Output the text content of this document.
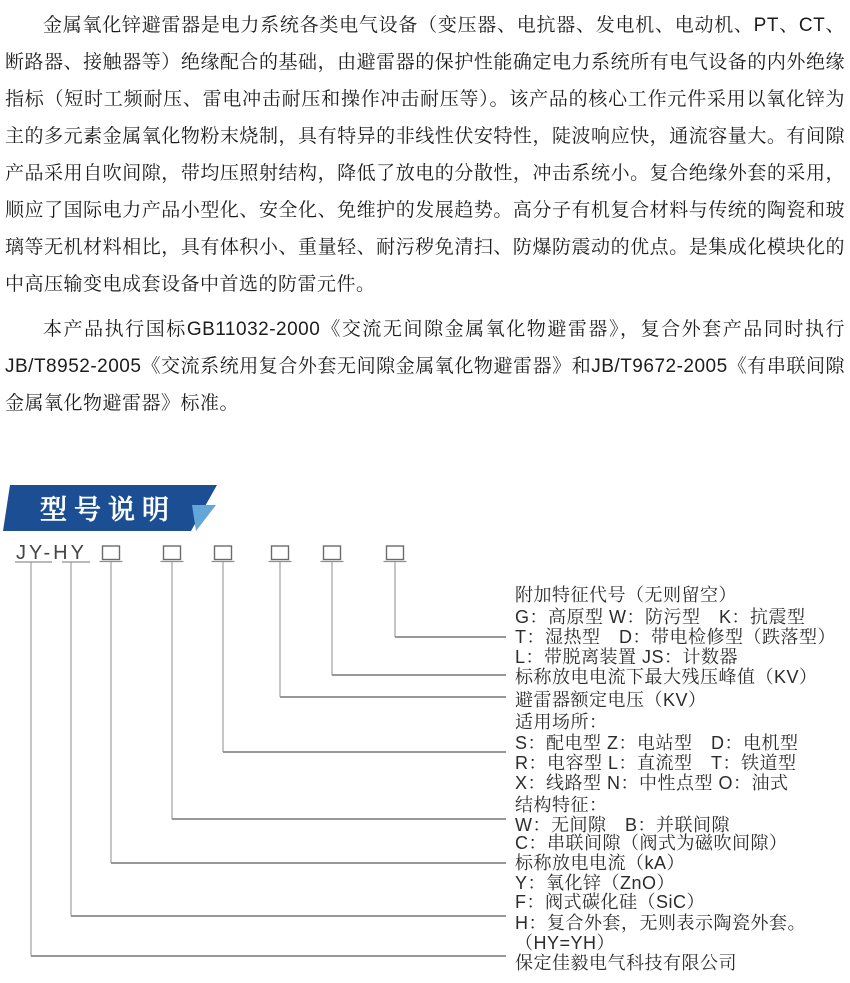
金属氧化锌避雷器是电力系统各类电气设备（变压器、电抗器、发电机、电动机、PT、CT、断路器、接触器等）绝缘配合的基础，由避雷器的保护性能确定电力系统所有电气设备的内外绝缘指标（短时工频耐压、雷电冲击耐压和操作冲击耐压等）。该产品的核心工作元件采用以氧化锌为主的多元素金属氧化物粉末烧制，具有特异的非线性伏安特性，陡波响应快，通流容量大。有间隙产品采用自吹间隙，带均压照射结构，降低了放电的分散性，冲击系统小。复合绝缘外套的采用，顺应了国际电力产品小型化、安全化、免维护的发展趋势。高分子有机复合材料与传统的陶瓷和玻璃等无机材料相比，具有体积小、重量轻、耐污秽免清扫、防爆防震动的优点。是集成化模块化的中高压输变电成套设备中首选的防雷元件。

本产品执行国标GB11032-2000《交流无间隙金属氧化物避雷器》，复合外套产品同时执行JB/T8952-2005《交流系统用复合外套无间隙金属氧化物避雷器》和JB/T9672-2005《有串联间隙金属氧化物避雷器》标准。

型号说明
JY-HY
附加特征代号（无则留空）
G：高原型 W：防污型　K：抗震型
T：湿热型　D：带电检修型（跌落型）
L：带脱离装置 JS：计数器
标称放电电流下最大残压峰值（KV）
避雷器额定电压（KV）
适用场所：
S：配电型 Z：电站型　D：电机型
R：电容型 L：直流型　T：铁道型
X：线路型 N：中性点型 O：油式
结构特征：
W：无间隙　B：并联间隙
C：串联间隙（阀式为磁吹间隙）
标称放电电流（kA）
Y：氧化锌（ZnO）
F：阀式碳化硅（SiC）
H：复合外套，无则表示陶瓷外套。
（HY=YH）
保定佳毅电气科技有限公司
